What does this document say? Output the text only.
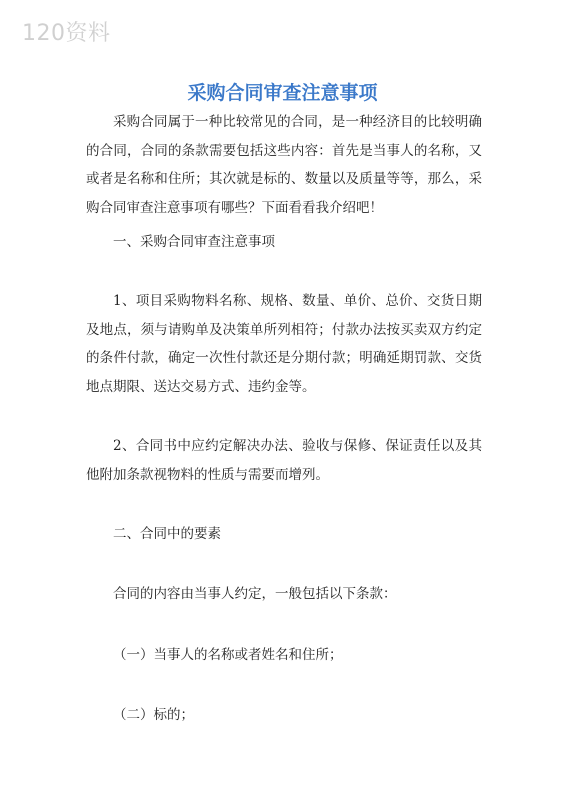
120资料
采购合同审查注意事项

采购合同属于一种比较常见的合同，是一种经济目的比较明确的合同，合同的条款需要包括这些内容：首先是当事人的名称，又或者是名称和住所；其次就是标的、数量以及质量等等，那么，采购合同审查注意事项有哪些？下面看看我介绍吧！

一、采购合同审查注意事项

1、项目采购物料名称、规格、数量、单价、总价、交货日期及地点，须与请购单及决策单所列相符；付款办法按买卖双方约定的条件付款，确定一次性付款还是分期付款；明确延期罚款、交货地点期限、送达交易方式、违约金等。

2、合同书中应约定解决办法、验收与保修、保证责任以及其他附加条款视物料的性质与需要而增列。

二、合同中的要素

合同的内容由当事人约定，一般包括以下条款：

（一）当事人的名称或者姓名和住所；

（二）标的；
